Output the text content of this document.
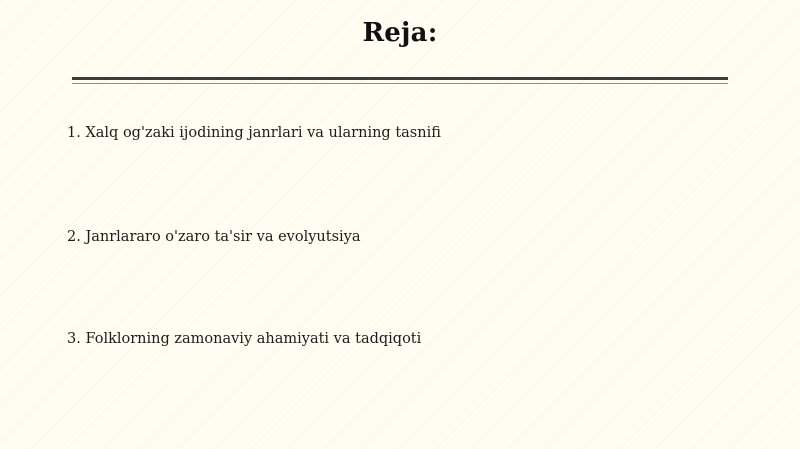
Reja:
1. Xalq og'zaki ijodining janrlari va ularning tasnifi
2. Janrlararo o'zaro ta'sir va evolyutsiya
3. Folklorning zamonaviy ahamiyati va tadqiqoti
